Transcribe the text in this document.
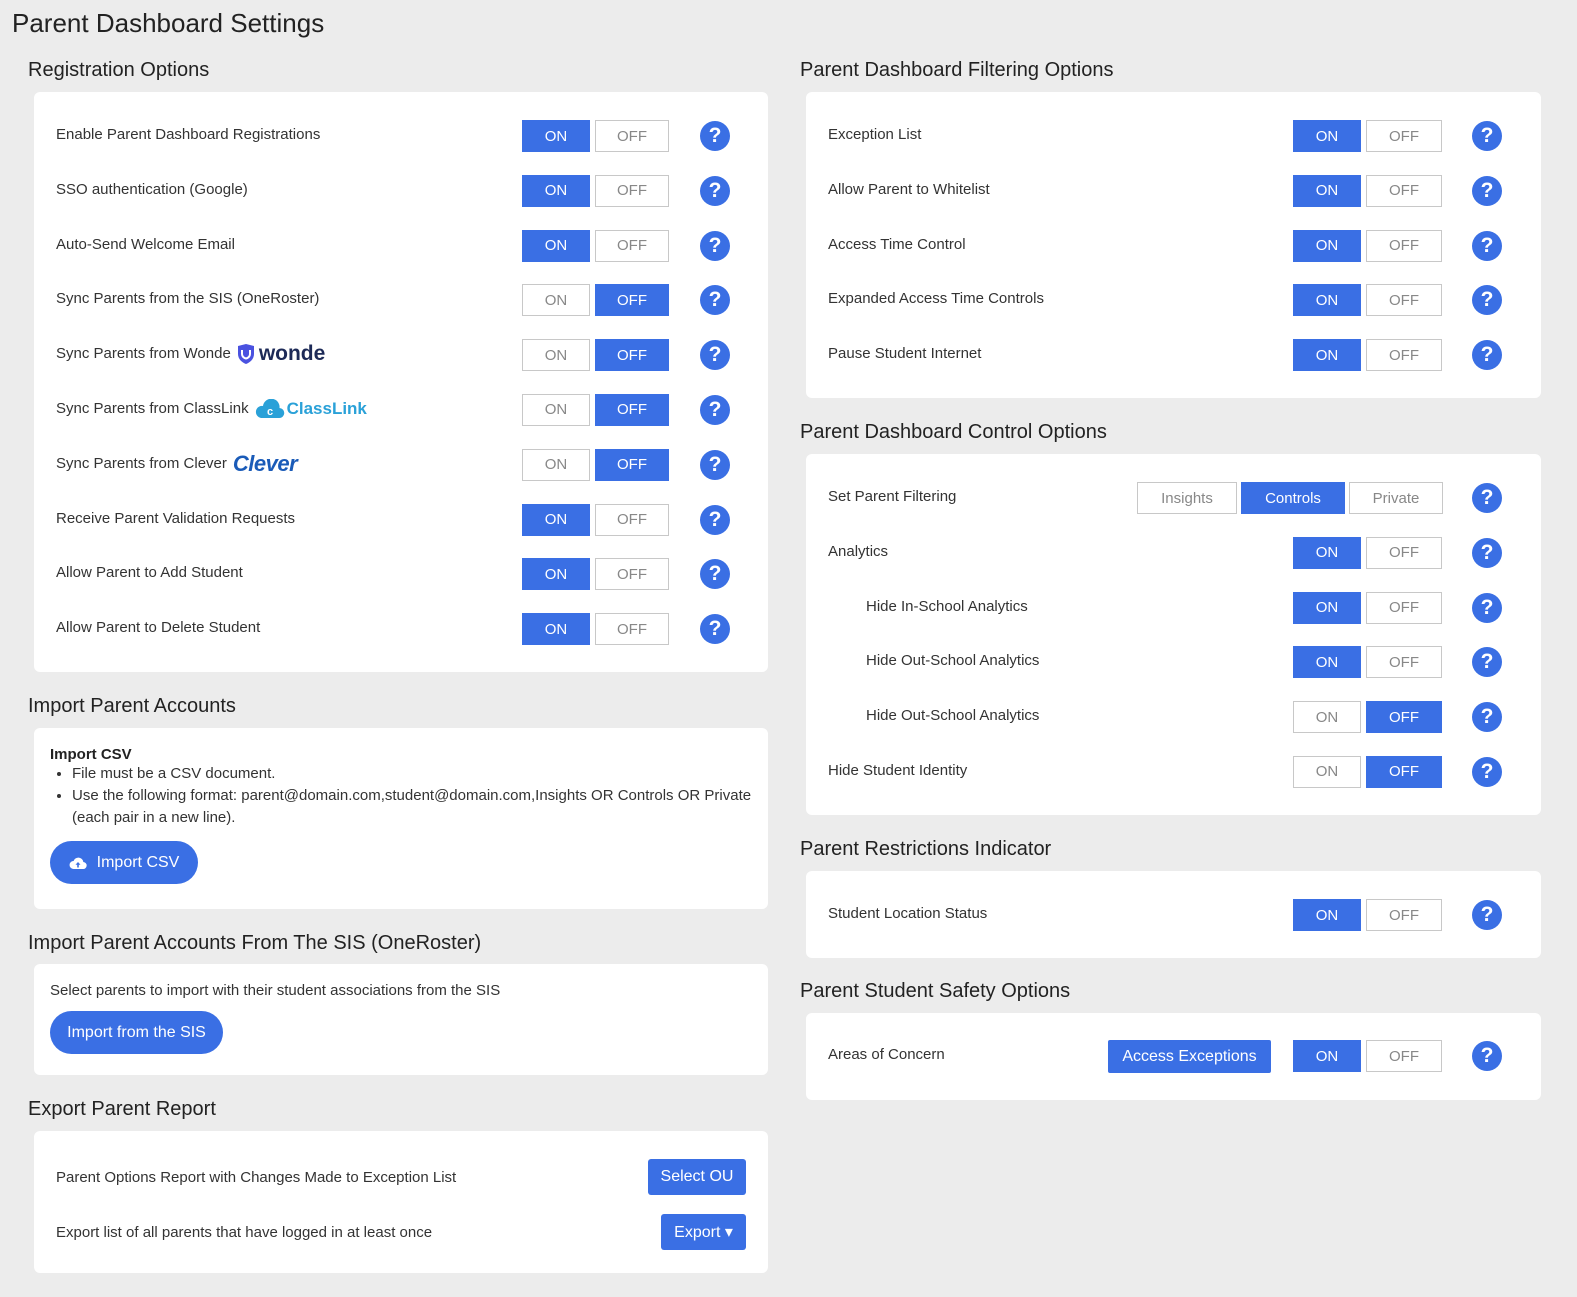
Parent Dashboard Settings
Registration Options
Enable Parent Dashboard Registrations	ON	OFF	?
SSO authentication (Google)	ON	OFF	?
Auto-Send Welcome Email	ON	OFF	?
Sync Parents from the SIS (OneRoster)	ON	OFF	?
Sync Parents from Wonde wonde	ON	OFF	?
Sync Parents from ClassLink c ClassLink	ON	OFF	?
Sync Parents from Clever Clever	ON	OFF	?
Receive Parent Validation Requests	ON	OFF	?
Allow Parent to Add Student	ON	OFF	?
Allow Parent to Delete Student	ON	OFF	?
Import Parent Accounts
Import CSV
• File must be a CSV document.
• Use the following format: parent@domain.com,student@domain.com,Insights OR Controls OR Private (each pair in a new line).
Import CSV
Import Parent Accounts From The SIS (OneRoster)
Select parents to import with their student associations from the SIS
Import from the SIS
Export Parent Report
Parent Options Report with Changes Made to Exception List	Select OU
Export list of all parents that have logged in at least once	Export ▾
Parent Dashboard Filtering Options
Exception List	ON	OFF	?
Allow Parent to Whitelist	ON	OFF	?
Access Time Control	ON	OFF	?
Expanded Access Time Controls	ON	OFF	?
Pause Student Internet	ON	OFF	?
Parent Dashboard Control Options
Set Parent Filtering	Insights	Controls	Private	?
Analytics	ON	OFF	?
Hide In-School Analytics	ON	OFF	?
Hide Out-School Analytics	ON	OFF	?
Hide Out-School Analytics	ON	OFF	?
Hide Student Identity	ON	OFF	?
Parent Restrictions Indicator
Student Location Status	ON	OFF	?
Parent Student Safety Options
Areas of Concern	Access Exceptions	ON	OFF	?
